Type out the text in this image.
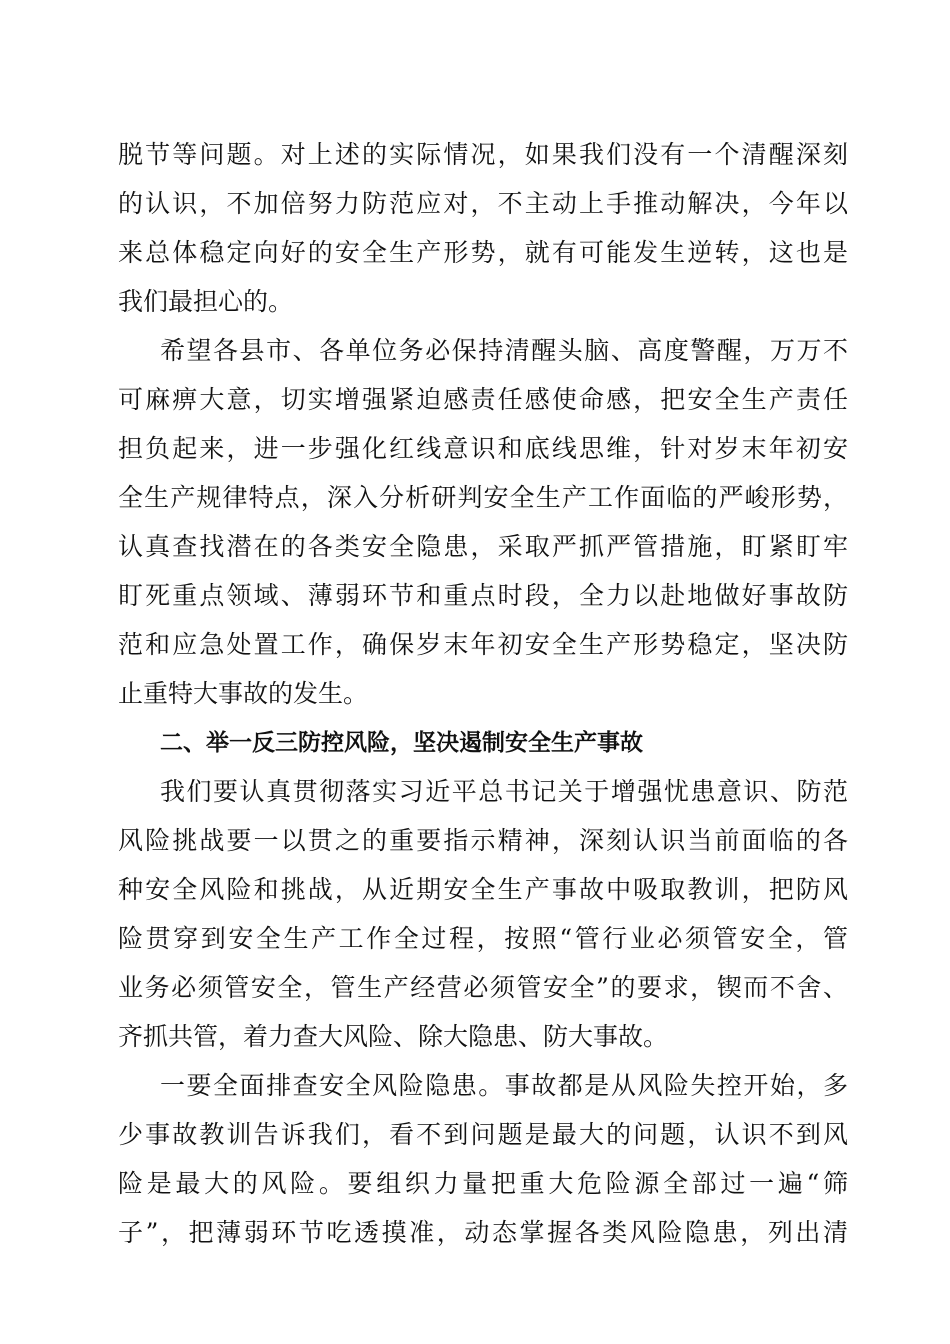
脱节等问题。对上述的实际情况，如果我们没有一个清醒深刻
的认识，不加倍努力防范应对，不主动上手推动解决，今年以
来总体稳定向好的安全生产形势，就有可能发生逆转，这也是
我们最担心的。
希望各县市、各单位务必保持清醒头脑、高度警醒，万万不
可麻痹大意，切实增强紧迫感责任感使命感，把安全生产责任
担负起来，进一步强化红线意识和底线思维，针对岁末年初安
全生产规律特点，深入分析研判安全生产工作面临的严峻形势，
认真查找潜在的各类安全隐患，采取严抓严管措施，盯紧盯牢
盯死重点领域、薄弱环节和重点时段，全力以赴地做好事故防
范和应急处置工作，确保岁末年初安全生产形势稳定，坚决防
止重特大事故的发生。
二、举一反三防控风险，坚决遏制安全生产事故
我们要认真贯彻落实习近平总书记关于增强忧患意识、防范
风险挑战要一以贯之的重要指示精神，深刻认识当前面临的各
种安全风险和挑战，从近期安全生产事故中吸取教训，把防风
险贯穿到安全生产工作全过程，按照“管行业必须管安全，管
业务必须管安全，管生产经营必须管安全”的要求，锲而不舍、
齐抓共管，着力查大风险、除大隐患、防大事故。
一要全面排查安全风险隐患。事故都是从风险失控开始，多
少事故教训告诉我们，看不到问题是最大的问题，认识不到风
险是最大的风险。要组织力量把重大危险源全部过一遍“筛
子”，把薄弱环节吃透摸准，动态掌握各类风险隐患，列出清
